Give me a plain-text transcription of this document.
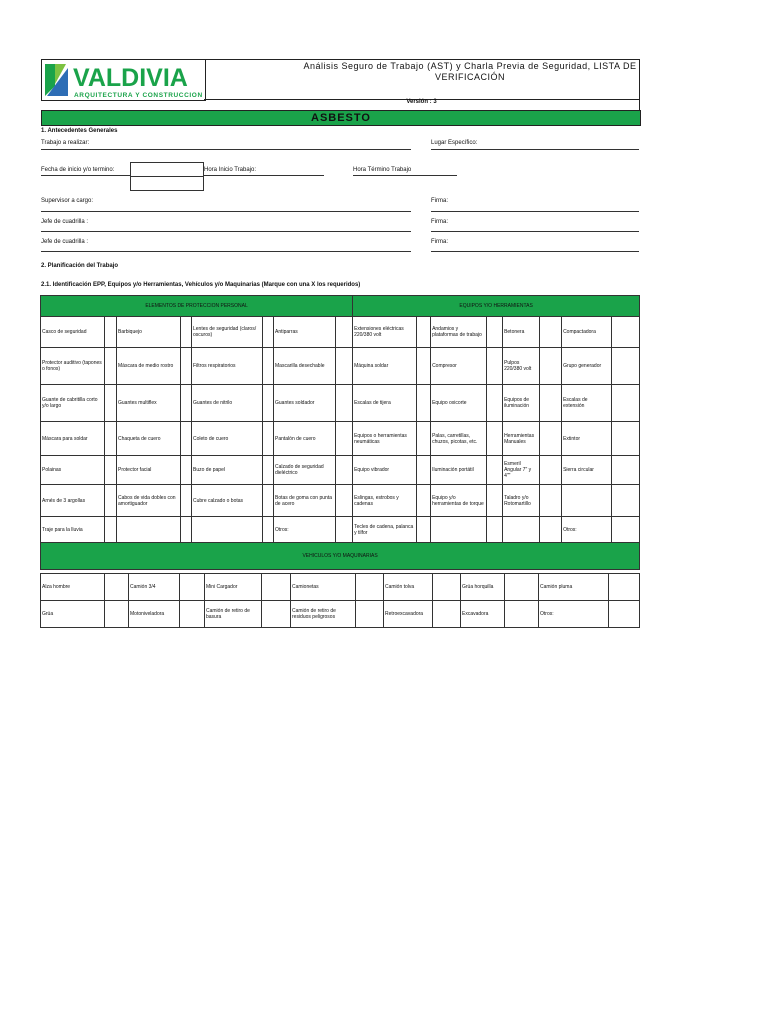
VALDIVIA
ARQUITECTURA Y CONSTRUCCION
Análisis Seguro de Trabajo (AST) y Charla Previa de Seguridad, LISTA DE VERIFICACIÓN
Versión : 3
ASBESTO
1. Antecedentes Generales
Trabajo a realizar:	Lugar Específico:
Fecha de inicio y/o termino:	Hora Inicio Trabajo:	Hora Término Trabajo
Supervisor a cargo:	Firma:
Jefe de cuadrilla :	Firma:
Jefe de cuadrilla :	Firma:
2. Planificación del Trabajo
2.1. Identificación EPP, Equipos y/o Herramientas, Vehículos y/o Maquinarias (Marque con una X los requeridos)
ELEMENTOS DE PROTECCION PERSONAL								EQUIPOS Y/O HERRAMIENTAS							
Casco de seguridad		Barbiquejo		Lentes de seguridad (claros/ oscuros)		Antiparras		Extensiones eléctricas 220/380 volt		Andamios y plataformas de trabajo		Betonera		Compactadora	
Protector auditivo (tapones o fonos)		Máscara de medio rostro		Filtros respiratorios		Mascarilla desechable		Máquina soldar		Compresor		Pulpos 220/380 volt		Grupo generador	
Guante de cabritilla corto y/o largo		Guantes multiflex		Guantes de nitrilo		Guantes soldador		Escalas de tijera		Equipo oxicorte		Equipos de iluminación		Escalas de extensión	
Máscara para soldar		Chaqueta de cuero		Coleto de cuero		Pantalón de cuero		Equipos o herramientas neumáticas		Palas, carretillas, chuzos, picotas, etc.		Herramientas Manuales		Extintor	
Polainas		Protector facial		Buzo de papel		Calzado de seguridad dieléctrico		Equipo vibrador		Iluminación portátil		Esmeril Angular 7" y 4""		Sierra circular	
Arnés de 3 argollas		Cabos de vida dobles con amortiguador		Cubre calzado o botas		Botas de goma con punta de acero		Eslingas, estrobos y cadenas		Equipo y/o herramientas de torque		Taladro y/o Rotomartillo			
Traje para la lluvia						Otros:		Tecles de cadena, palanca y tilfor						Otros:	
VEHICULOS Y/O MAQUINARIAS															
Alza hombre		Camión 3/4		Mini Cargador		Camionetas		Camión tolva		Grúa horquilla		Camión pluma	
Grúa		Motoniveladora		Camión de retiro de basura		Camión de retiro de residuos peligrosos		Retroexcavadora		Excavadora		Otros:	
